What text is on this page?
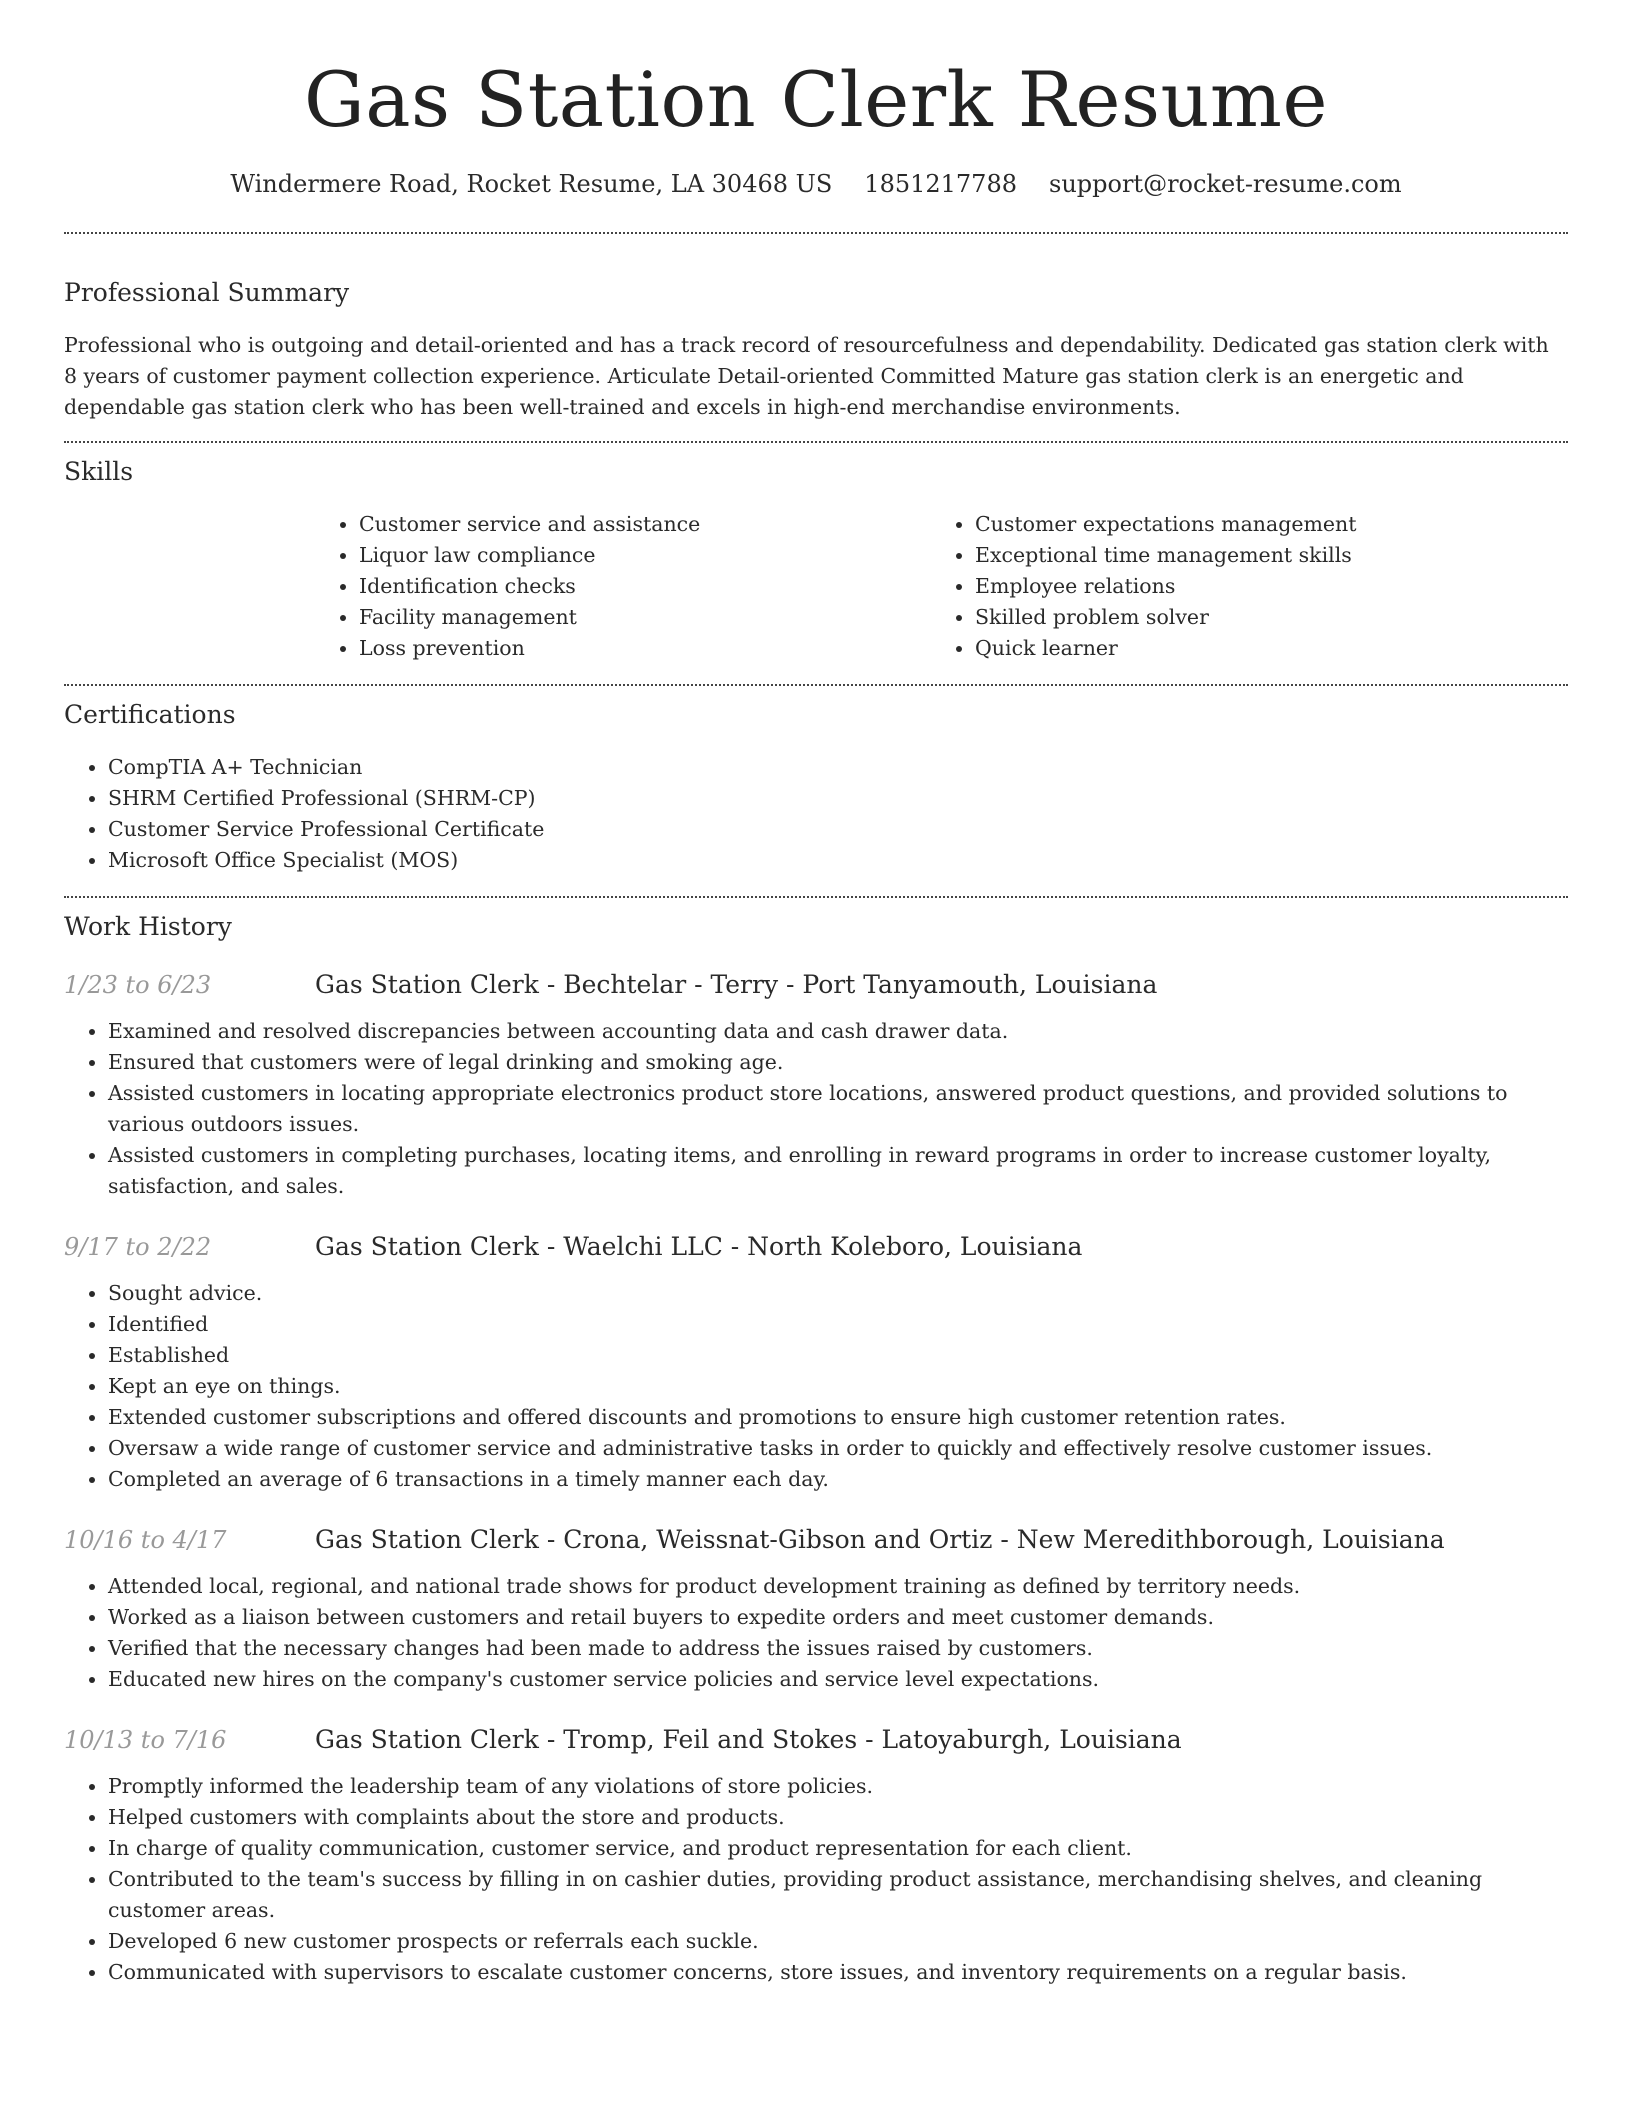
Gas Station Clerk Resume
Windermere Road, Rocket Resume, LA 30468 US 1851217788 support@rocket-resume.com
Professional Summary

Professional who is outgoing and detail-oriented and has a track record of resourcefulness and dependability. Dedicated gas station clerk with 8 years of customer payment collection experience. Articulate Detail-oriented Committed Mature gas station clerk is an energetic and dependable gas station clerk who has been well-trained and excels in high-end merchandise environments.

Skills
• Customer service and assistance
• Liquor law compliance
• Identification checks
• Facility management
• Loss prevention
• Customer expectations management
• Exceptional time management skills
• Employee relations
• Skilled problem solver
• Quick learner
Certifications
• CompTIA A+ Technician
• SHRM Certified Professional (SHRM-CP)
• Customer Service Professional Certificate
• Microsoft Office Specialist (MOS)
Work History
1/23 to 6/23	Gas Station Clerk - Bechtelar - Terry - Port Tanyamouth, Louisiana
• Examined and resolved discrepancies between accounting data and cash drawer data.
• Ensured that customers were of legal drinking and smoking age.
• Assisted customers in locating appropriate electronics product store locations, answered product questions, and provided solutions to various outdoors issues.
• Assisted customers in completing purchases, locating items, and enrolling in reward programs in order to increase customer loyalty, satisfaction, and sales.
9/17 to 2/22	Gas Station Clerk - Waelchi LLC - North Koleboro, Louisiana
• Sought advice.
• Identified
• Established
• Kept an eye on things.
• Extended customer subscriptions and offered discounts and promotions to ensure high customer retention rates.
• Oversaw a wide range of customer service and administrative tasks in order to quickly and effectively resolve customer issues.
• Completed an average of 6 transactions in a timely manner each day.
10/16 to 4/17	Gas Station Clerk - Crona, Weissnat-Gibson and Ortiz - New Meredithborough, Louisiana
• Attended local, regional, and national trade shows for product development training as defined by territory needs.
• Worked as a liaison between customers and retail buyers to expedite orders and meet customer demands.
• Verified that the necessary changes had been made to address the issues raised by customers.
• Educated new hires on the company's customer service policies and service level expectations.
10/13 to 7/16	Gas Station Clerk - Tromp, Feil and Stokes - Latoyaburgh, Louisiana
• Promptly informed the leadership team of any violations of store policies.
• Helped customers with complaints about the store and products.
• In charge of quality communication, customer service, and product representation for each client.
• Contributed to the team's success by filling in on cashier duties, providing product assistance, merchandising shelves, and cleaning customer areas.
• Developed 6 new customer prospects or referrals each suckle.
• Communicated with supervisors to escalate customer concerns, store issues, and inventory requirements on a regular basis.
